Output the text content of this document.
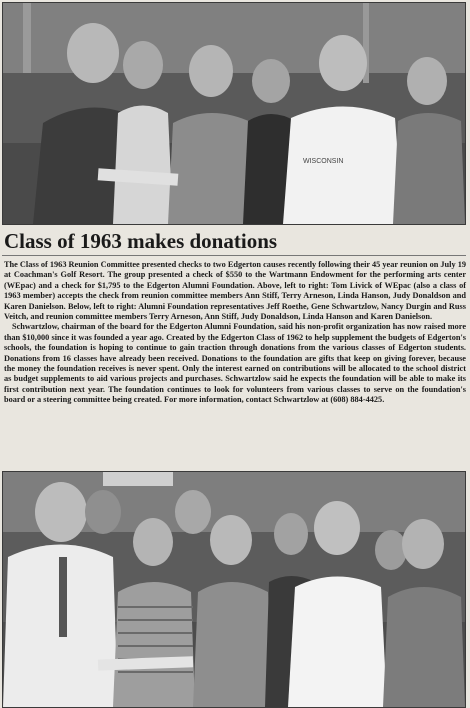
WISCONSIN
Class of 1963 makes donations

The Class of 1963 Reunion Committee presented checks to two Edgerton causes recently following their 45 year reunion on July 19 at Coachman's Golf Resort. The group presented a check of $550 to the Wartmann Endowment for the performing arts center (WEpac) and a check for $1,795 to the Edgerton Alumni Foundation. Above, left to right: Tom Livick of WEpac (also a class of 1963 member) accepts the check from reunion committee members Ann Stiff, Terry Arneson, Linda Hanson, Judy Donaldson and Karen Danielson. Below, left to right: Alumni Foundation representatives Jeff Roethe, Gene Schwartzlow, Nancy Durgin and Russ Veitch, and reunion committee members Terry Arneson, Ann Stiff, Judy Donaldson, Linda Hanson and Karen Danielson.

Schwartzlow, chairman of the board for the Edgerton Alumni Foundation, said his non-profit organization has now raised more than $10,000 since it was founded a year ago. Created by the Edgerton Class of 1962 to help supplement the budgets of Edgerton's schools, the foundation is hoping to continue to gain traction through donations from the various classes of Edgerton students. Donations from 16 classes have already been received. Donations to the foundation are gifts that keep on giving forever, because the money the foundation receives is never spent. Only the interest earned on contributions will be allocated to the school district as budget supplements to aid various projects and purchases. Schwartzlow said he expects the foundation will be able to make its first contribution next year. The foundation continues to look for volunteers from various classes to serve on the foundation's board or a steering committee being created. For more information, contact Schwartzlow at (608) 884-4425.
